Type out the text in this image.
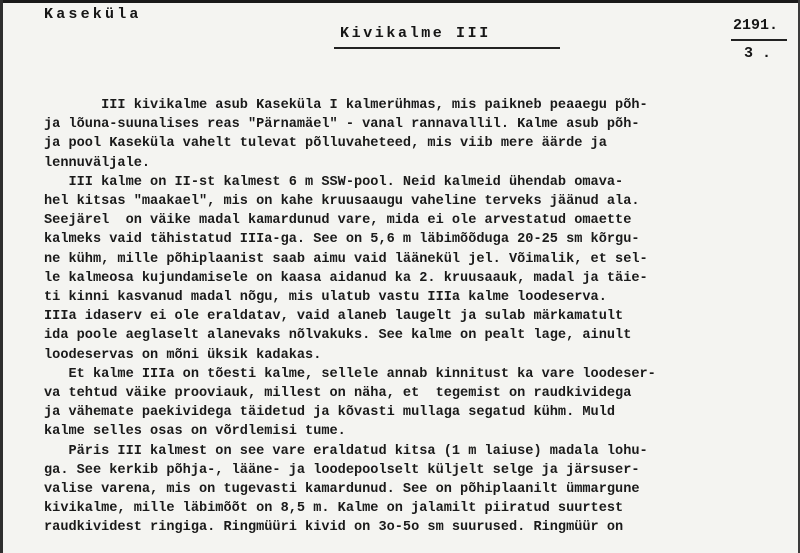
Kaseküla
Kivikalme III	2191.
3 .
III kivikalme asub Kaseküla I kalmerühmas, mis paikneb peaaegu põh-
ja lõuna-suunalises reas "Pärnamäel" - vanal rannavallil. Kalme asub põh-
ja pool Kaseküla vahelt tulevat põlluvaheteed, mis viib mere äärde ja
lennuväljale.
III kalme on II-st kalmest 6 m SSW-pool. Neid kalmeid ühendab omava-
hel kitsas "maakael", mis on kahe kruusaaugu vaheline terveks jäänud ala.
Seejärel  on väike madal kamardunud vare, mida ei ole arvestatud omaette
kalmeks vaid tähistatud IIIa-ga. See on 5,6 m läbimõõduga 20-25 sm kõrgu-
ne kühm, mille põhiplaanist saab aimu vaid läänekül jel. Võimalik, et sel-
le kalmeosa kujundamisele on kaasa aidanud ka 2. kruusaauk, madal ja täie-
ti kinni kasvanud madal nõgu, mis ulatub vastu IIIa kalme loodeserva.
IIIa idaserv ei ole eraldatav, vaid alaneb laugelt ja sulab märkamatult
ida poole aeglaselt alanevaks nõlvakuks. See kalme on pealt lage, ainult
loodeservas on mõni üksik kadakas.
Et kalme IIIa on tõesti kalme, sellele annab kinnitust ka vare loodeser-
va tehtud väike prooviauk, millest on näha, et  tegemist on raudkividega
ja vähemate paekividega täidetud ja kõvasti mullaga segatud kühm. Muld
kalme selles osas on võrdlemisi tume.
Päris III kalmest on see vare eraldatud kitsa (1 m laiuse) madala lohu-
ga. See kerkib põhja-, lääne- ja loodepoolselt küljelt selge ja järsuser-
valise varena, mis on tugevasti kamardunud. See on põhiplaanilt ümmargune
kivikalme, mille läbimõõt on 8,5 m. Kalme on jalamilt piiratud suurtest
raudkividest ringiga. Ringmüüri kivid on 3o-5o sm suurused. Ringmüür on
